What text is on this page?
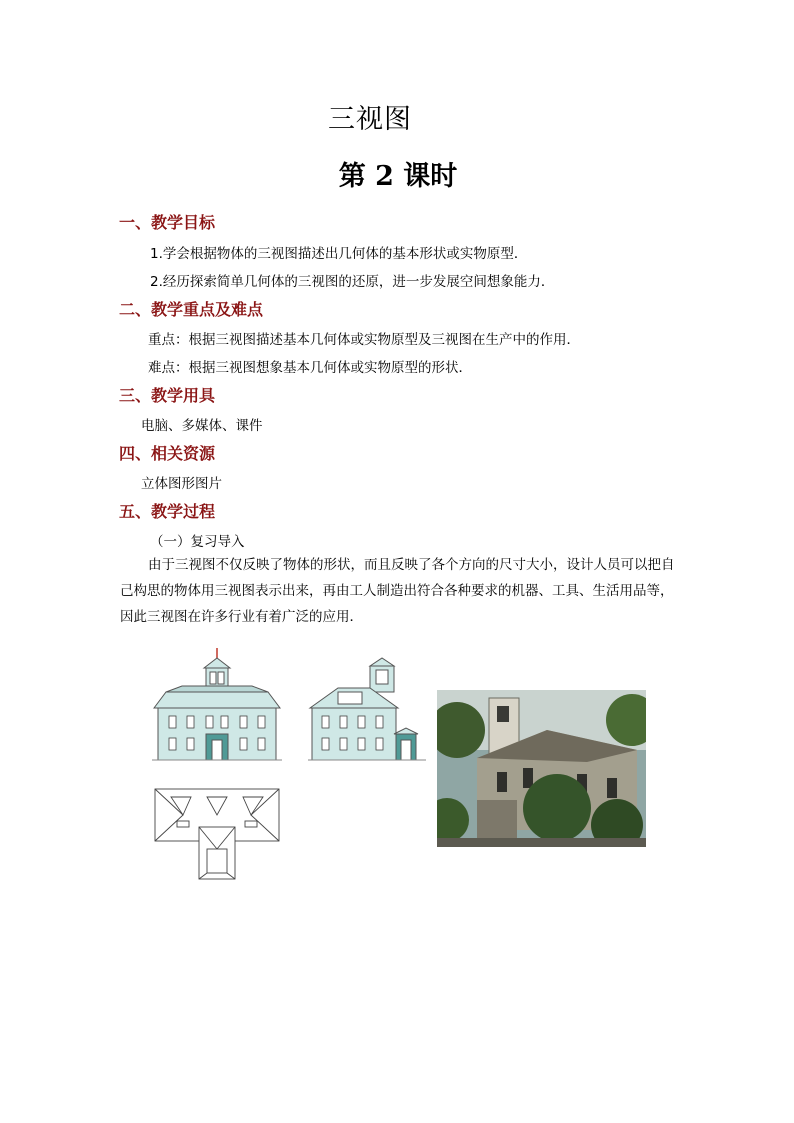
三视图
第 2 课时
一、教学目标
1.学会根据物体的三视图描述出几何体的基本形状或实物原型．
2.经历探索简单几何体的三视图的还原，进一步发展空间想象能力．
二、教学重点及难点
重点：根据三视图描述基本几何体或实物原型及三视图在生产中的作用．
难点：根据三视图想象基本几何体或实物原型的形状．
三、教学用具
电脑、多媒体、课件
四、相关资源
立体图形图片
五、教学过程
（一）复习导入
由于三视图不仅反映了物体的形状，而且反映了各个方向的尺寸大小，设计人员可以把自己构思的物体用三视图表示出来，再由工人制造出符合各种要求的机器、工具、生活用品等，因此三视图在许多行业有着广泛的应用．
